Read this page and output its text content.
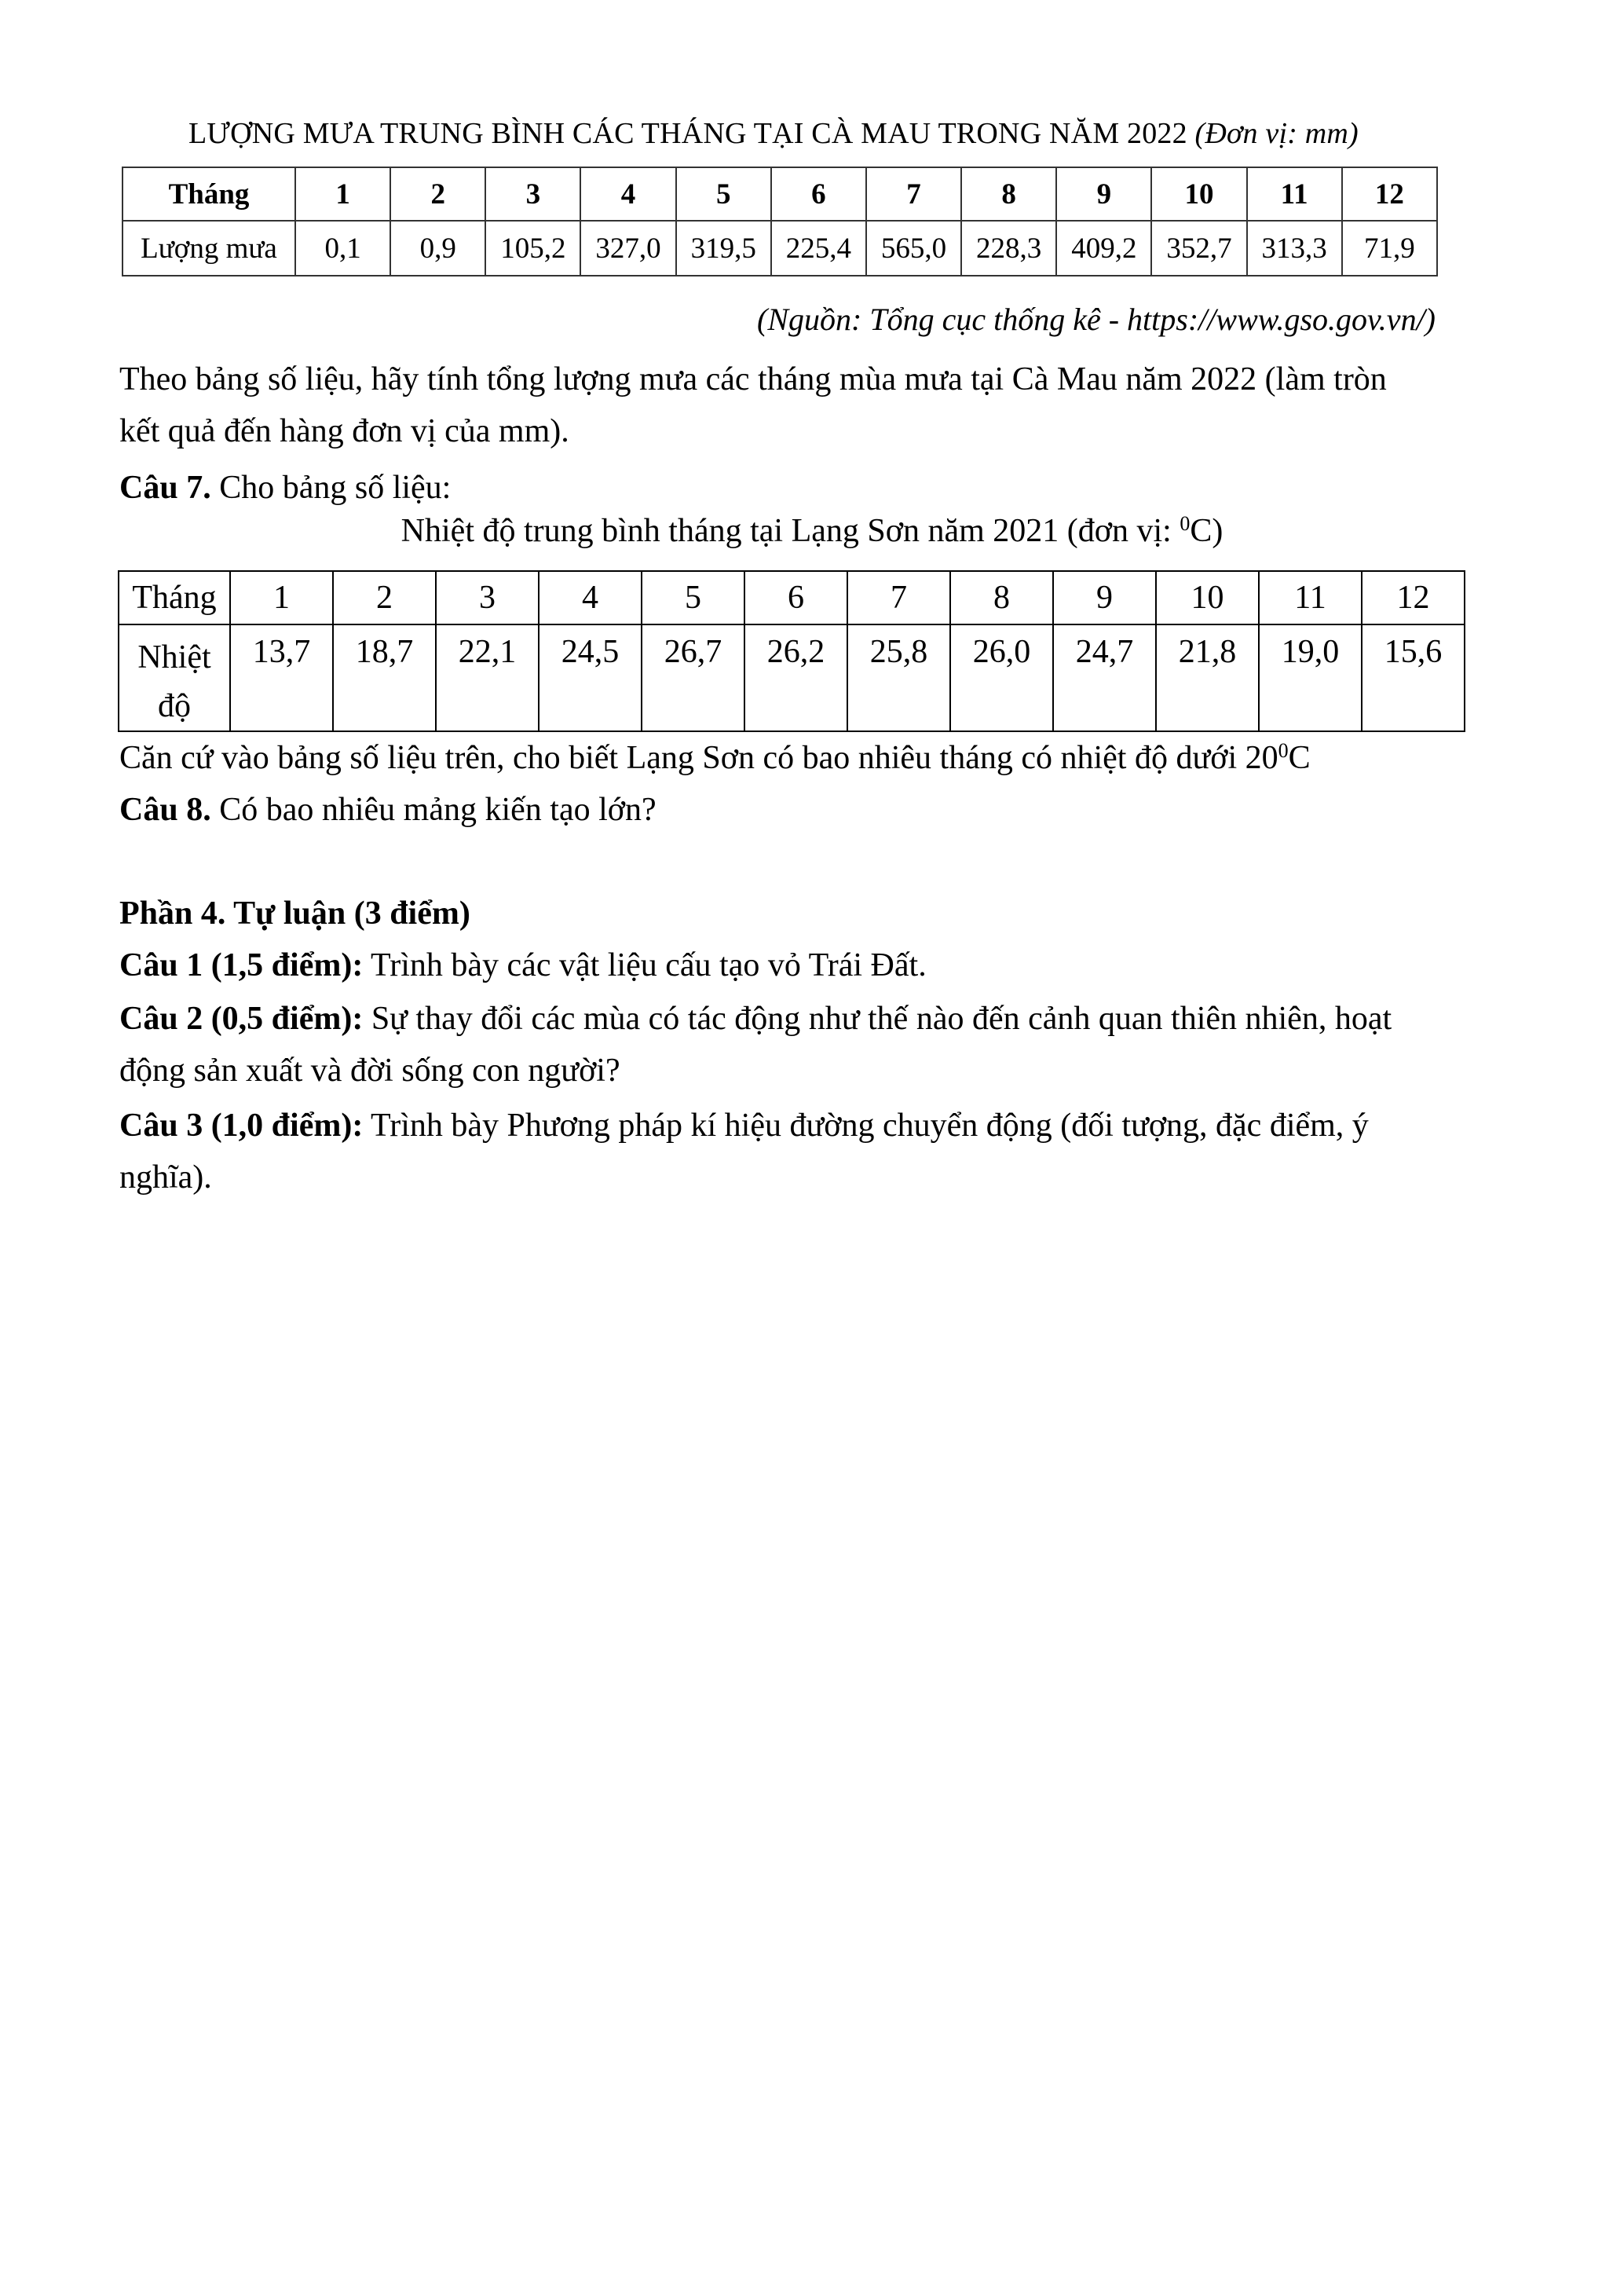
LƯỢNG MƯA TRUNG BÌNH CÁC THÁNG TẠI CÀ MAU TRONG NĂM 2022 (Đơn vị: mm)
Tháng	1	2	3	4	5	6	7	8	9	10	11	12
Lượng mưa	0,1	0,9	105,2	327,0	319,5	225,4	565,0	228,3	409,2	352,7	313,3	71,9
(Nguồn: Tổng cục thống kê - https://www.gso.gov.vn/)

Theo bảng số liệu, hãy tính tổng lượng mưa các tháng mùa mưa tại Cà Mau năm 2022 (làm tròn
kết quả đến hàng đơn vị của mm).

Câu 7. Cho bảng số liệu:

Nhiệt độ trung bình tháng tại Lạng Sơn năm 2021 (đơn vị: $^0$C)
Tháng	1	2	3	4	5	6	7	8	9	10	11	12
Nhiệt
độ	13,7	18,7	22,1	24,5	26,7	26,2	25,8	26,0	24,7	21,8	19,0	15,6

Căn cứ vào bảng số liệu trên, cho biết Lạng Sơn có bao nhiêu tháng có nhiệt độ dưới $20^0C$

Câu 8. Có bao nhiêu mảng kiến tạo lớn?

Phần 4. Tự luận (3 điểm)

Câu 1 (1,5 điểm): Trình bày các vật liệu cấu tạo vỏ Trái Đất.

Câu 2 (0,5 điểm): Sự thay đổi các mùa có tác động như thế nào đến cảnh quan thiên nhiên, hoạt
động sản xuất và đời sống con người?

Câu 3 (1,0 điểm): Trình bày Phương pháp kí hiệu đường chuyển động (đối tượng, đặc điểm, ý
nghĩa).
